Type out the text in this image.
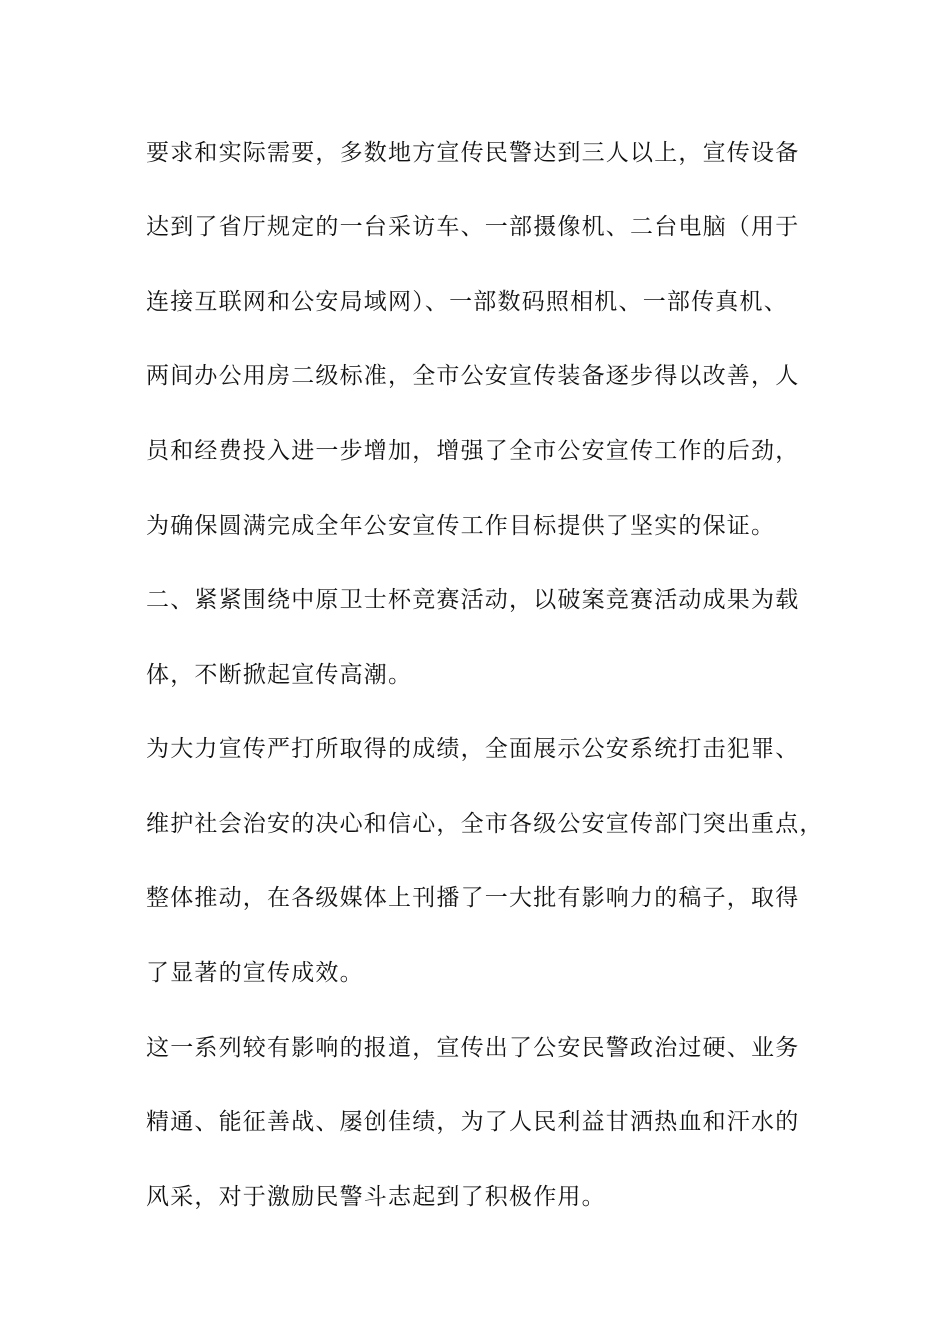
要求和实际需要，多数地方宣传民警达到三人以上，宣传设备
达到了省厅规定的一台采访车、一部摄像机、二台电脑（用于
连接互联网和公安局域网）、一部数码照相机、一部传真机、
两间办公用房二级标准，全市公安宣传装备逐步得以改善，人
员和经费投入进一步增加，增强了全市公安宣传工作的后劲，
为确保圆满完成全年公安宣传工作目标提供了坚实的保证。
二、紧紧围绕中原卫士杯竞赛活动，以破案竞赛活动成果为载
体，不断掀起宣传高潮。
为大力宣传严打所取得的成绩，全面展示公安系统打击犯罪、
维护社会治安的决心和信心，全市各级公安宣传部门突出重点，
整体推动，在各级媒体上刊播了一大批有影响力的稿子，取得
了显著的宣传成效。
这一系列较有影响的报道，宣传出了公安民警政治过硬、业务
精通、能征善战、屡创佳绩，为了人民利益甘洒热血和汗水的
风采，对于激励民警斗志起到了积极作用。
